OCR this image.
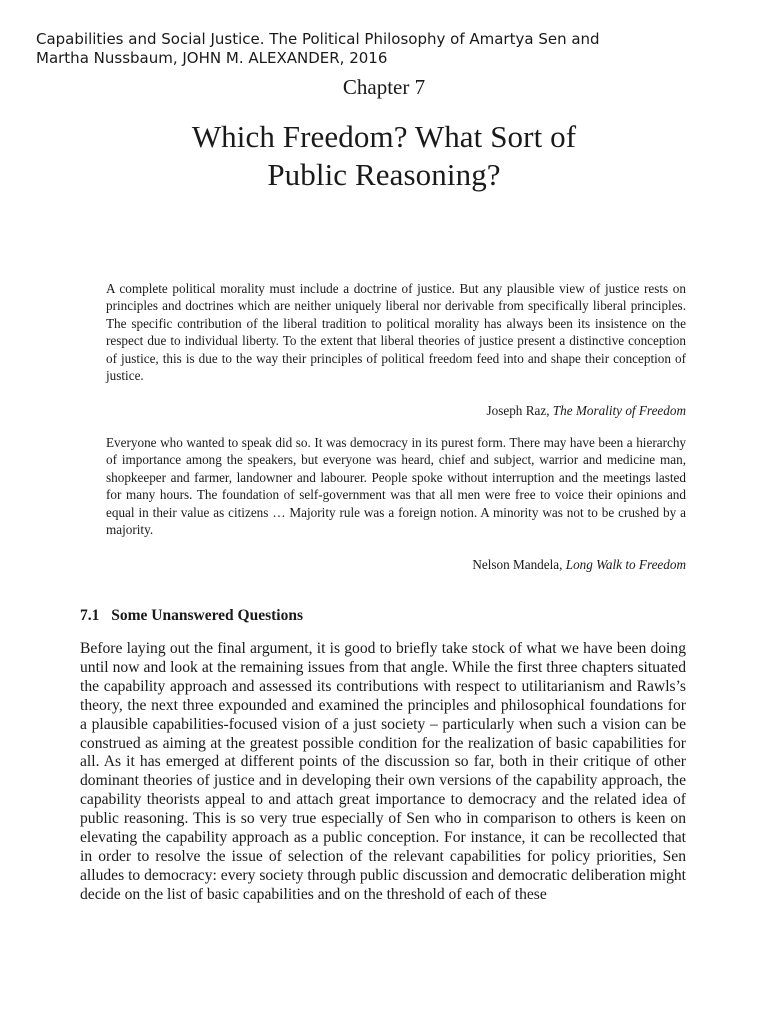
Capabilities and Social Justice. The Political Philosophy of Amartya Sen and
Martha Nussbaum, JOHN M. ALEXANDER, 2016
Chapter 7
Which Freedom? What Sort of
Public Reasoning?
A complete political morality must include a doctrine of justice. But any plausible view of justice rests on principles and doctrines which are neither uniquely liberal nor derivable from specifically liberal principles. The specific contribution of the liberal tradition to political morality has always been its insistence on the respect due to individual liberty. To the extent that liberal theories of justice present a distinctive conception of justice, this is due to the way their principles of political freedom feed into and shape their conception of justice.
Joseph Raz, The Morality of Freedom
Everyone who wanted to speak did so. It was democracy in its purest form. There may have been a hierarchy of importance among the speakers, but everyone was heard, chief and subject, warrior and medicine man, shopkeeper and farmer, landowner and labourer. People spoke without interruption and the meetings lasted for many hours. The foundation of self-government was that all men were free to voice their opinions and equal in their value as citizens … Majority rule was a foreign notion. A minority was not to be crushed by a majority.
Nelson Mandela, Long Walk to Freedom
7.1 Some Unanswered Questions

Before laying out the final argument, it is good to briefly take stock of what we have been doing until now and look at the remaining issues from that angle. While the first three chapters situated the capability approach and assessed its contributions with respect to utilitarianism and Rawls’s theory, the next three expounded and examined the principles and philosophical foundations for a plausible capabilities-focused vision of a just society – particularly when such a vision can be construed as aiming at the greatest possible condition for the realization of basic capabilities for all. As it has emerged at different points of the discussion so far, both in their critique of other dominant theories of justice and in developing their own versions of the capability approach, the capability theorists appeal to and attach great importance to democracy and the related idea of public reasoning. This is so very true especially of Sen who in comparison to others is keen on elevating the capability approach as a public conception. For instance, it can be recollected that in order to resolve the issue of selection of the relevant capabilities for policy priorities, Sen alludes to democracy: every society through public discussion and democratic deliberation might decide on the list of basic capabilities and on the threshold of each of these
